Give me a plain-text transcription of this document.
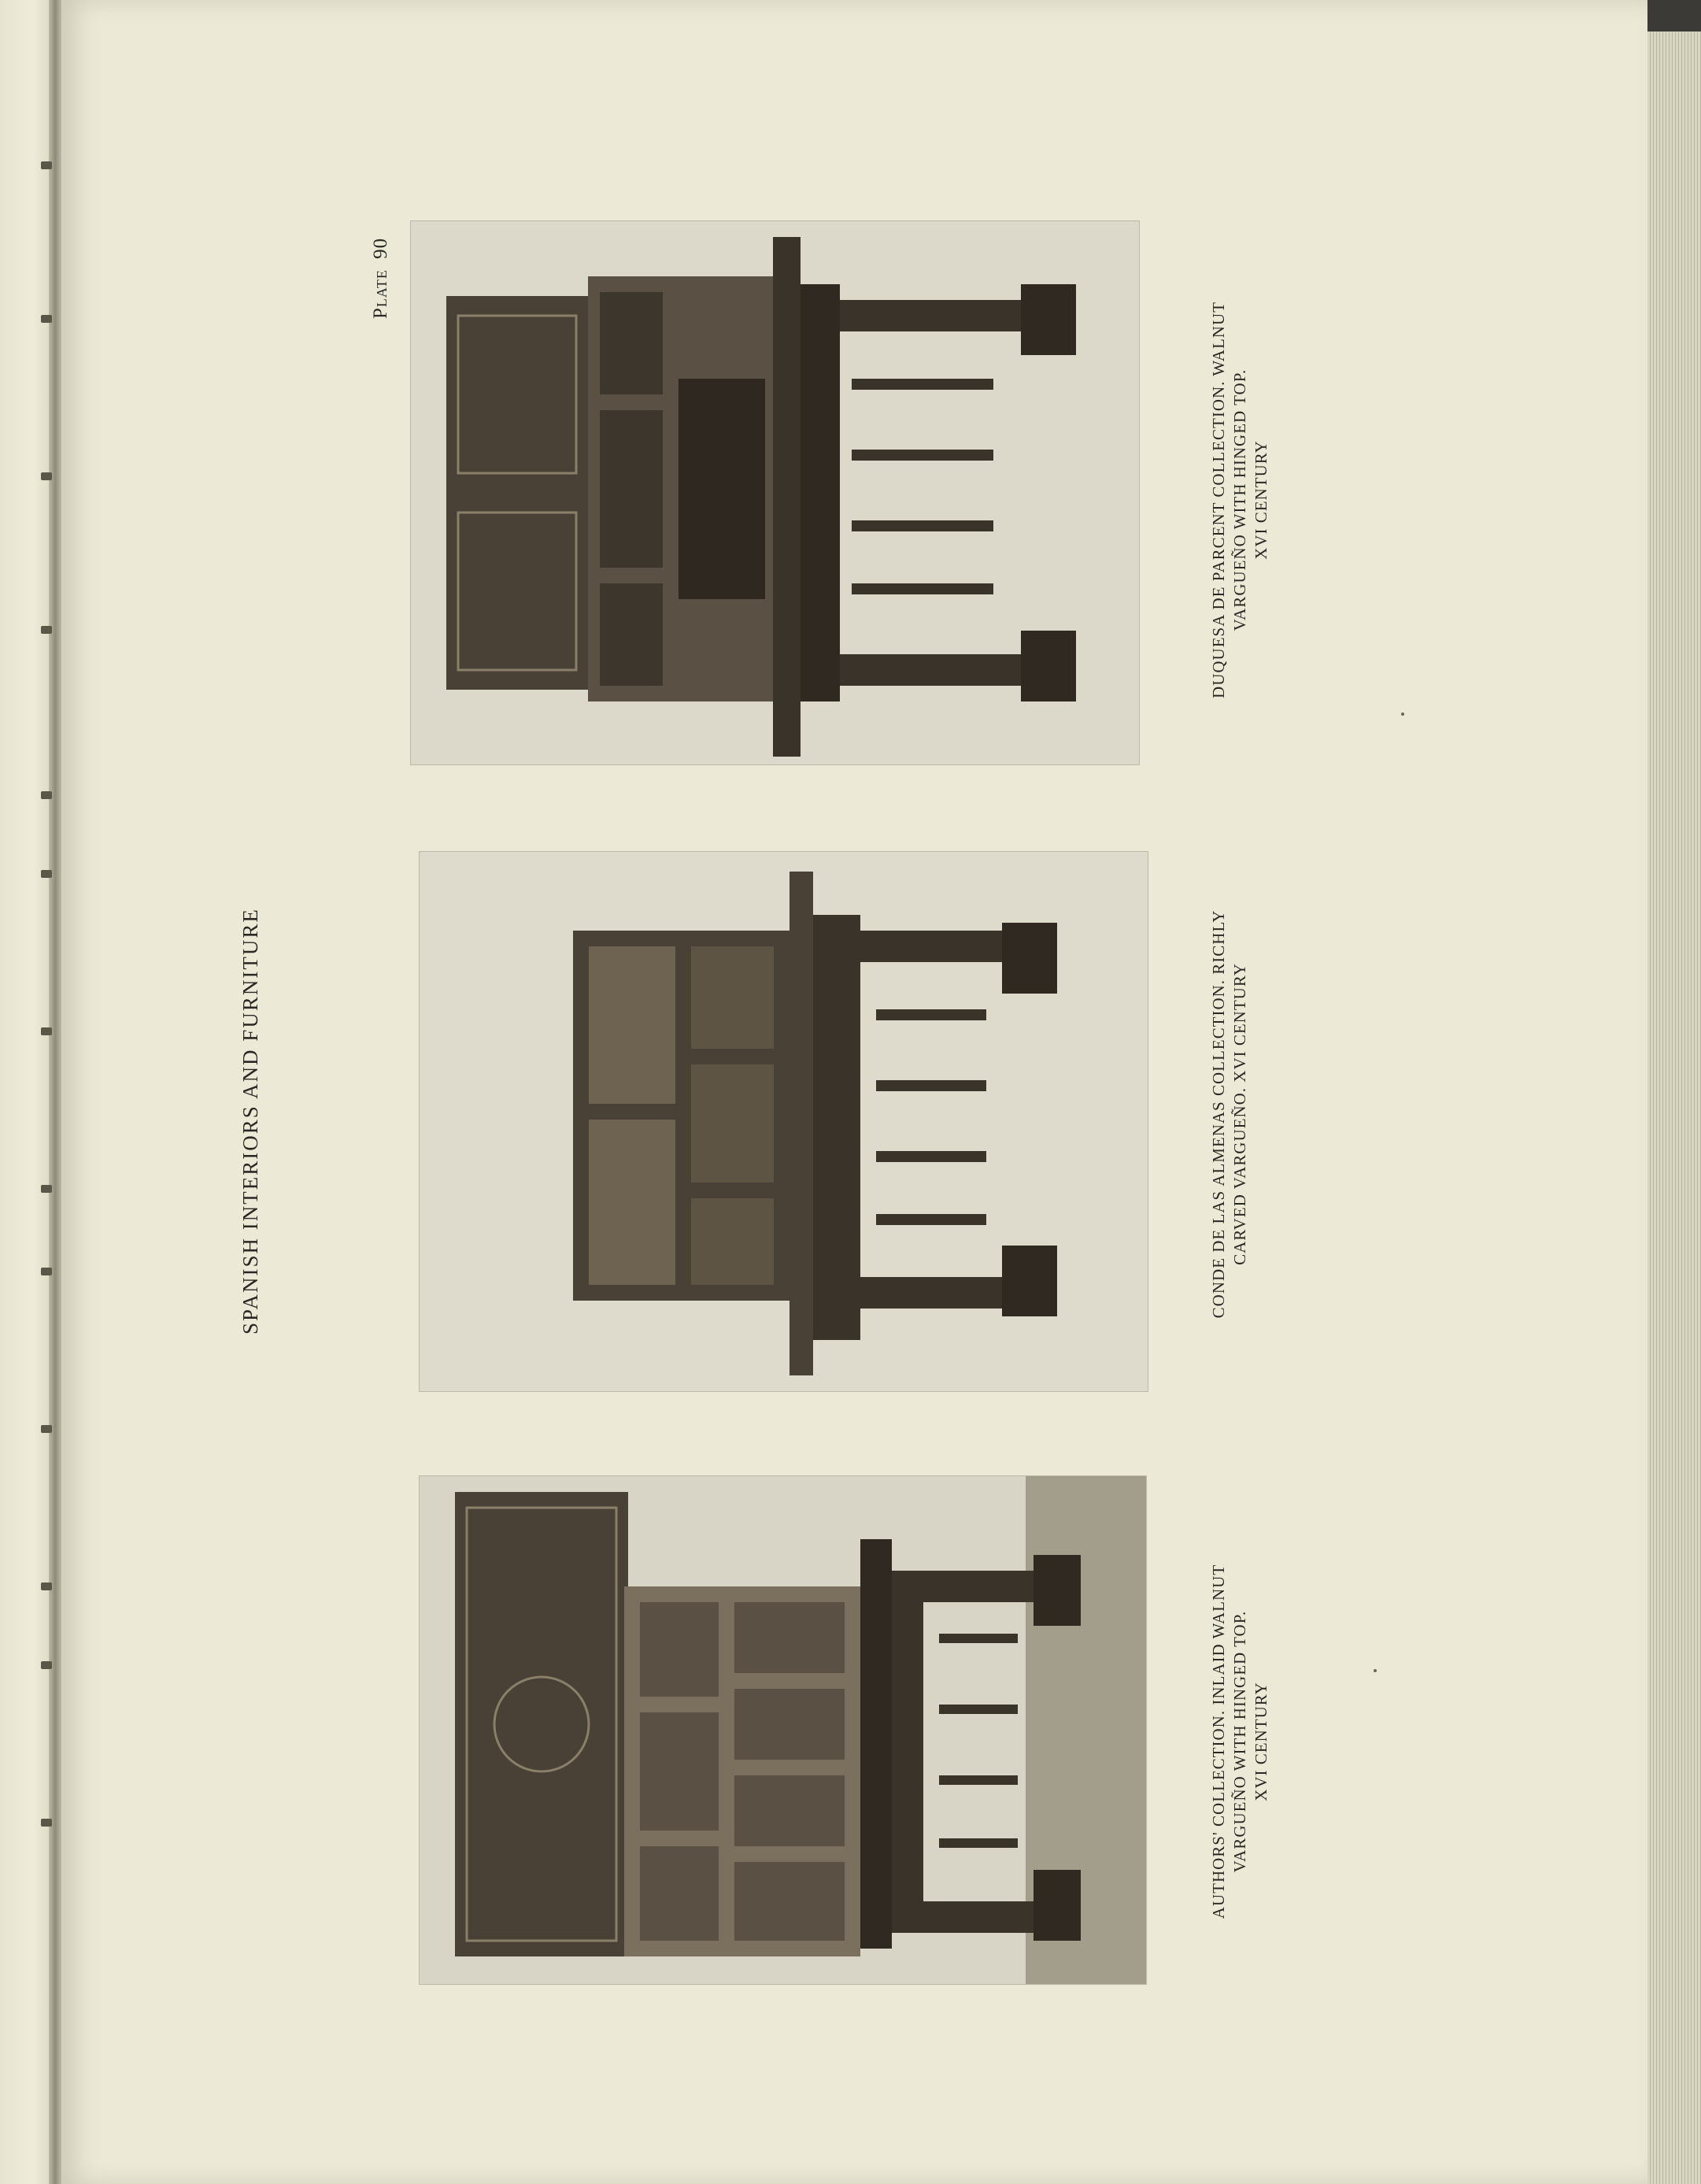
SPANISH INTERIORS AND FURNITURE
Plate 90
AUTHORS' COLLECTION. INLAID WALNUT VARGUEÑO WITH HINGED TOP. XVI CENTURY
CONDE DE LAS ALMENAS COLLECTION. RICHLY CARVED VARGUEÑO. XVI CENTURY
DUQUESA DE PARCENT COLLECTION. WALNUT VARGUEÑO WITH HINGED TOP. XVI CENTURY
